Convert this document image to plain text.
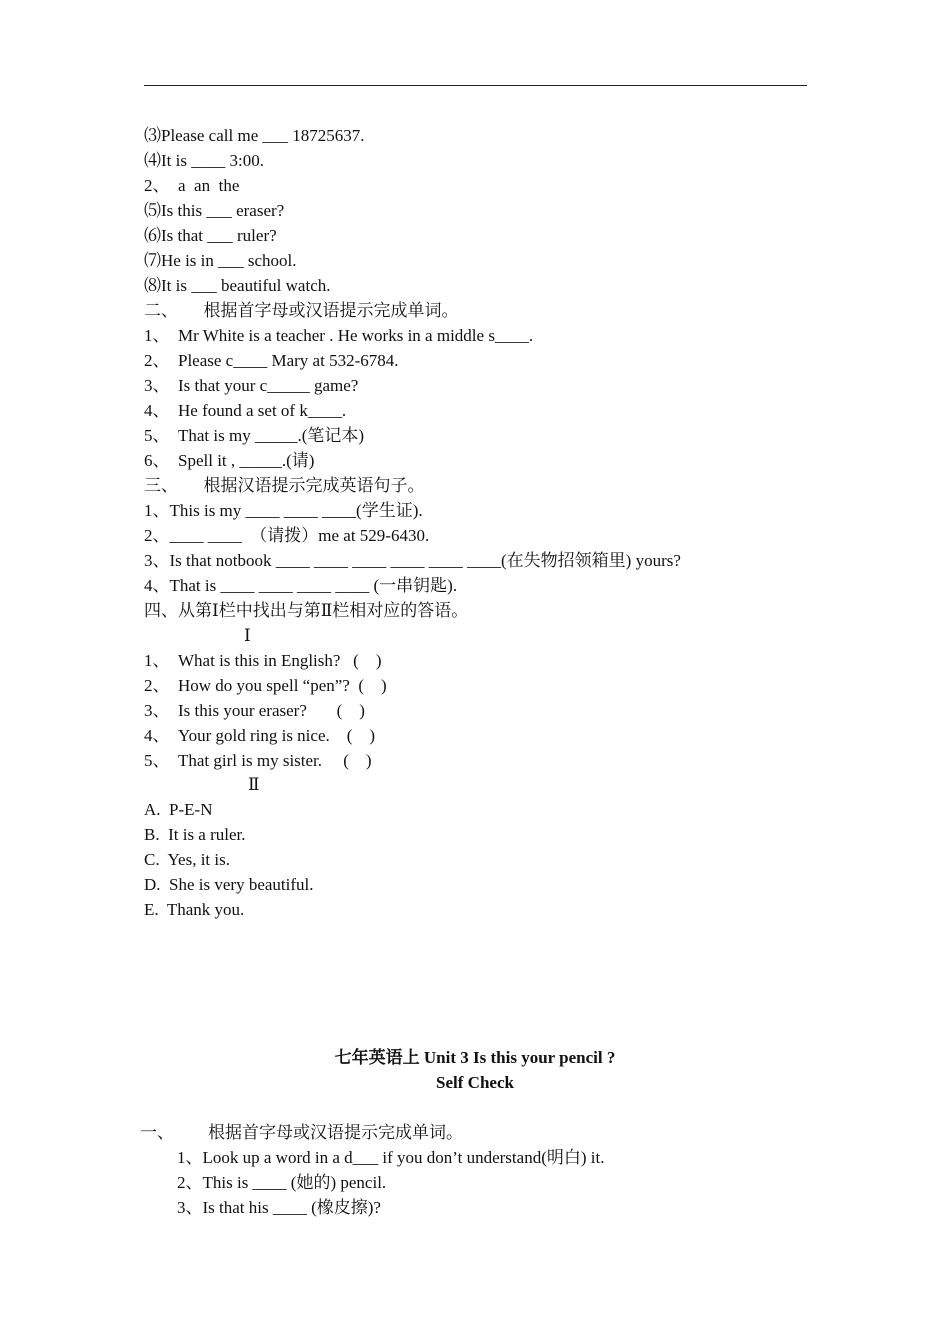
⑶Please call me ___ 18725637.
⑷It is ____ 3:00.
2、  a  an  the
⑸Is this ___ eraser?
⑹Is that ___ ruler?
⑺He is in ___ school.
⑻It is ___ beautiful watch.
二、      根据首字母或汉语提示完成单词。
1、  Mr White is a teacher . He works in a middle s____.
2、  Please c____ Mary at 532-6784.
3、  Is that your c_____ game?
4、  He found a set of k____.
5、  That is my _____.(笔记本)
6、  Spell it , _____.(请)
三、      根据汉语提示完成英语句子。
1、This is my ____ ____ ____(学生证).
2、____ ____  （请拨）me at 529-6430.
3、Is that notbook ____ ____ ____ ____ ____ ____(在失物招领箱里) yours?
4、That is ____ ____ ____ ____ (一串钥匙).
四、从第Ⅰ栏中找出与第Ⅱ栏相对应的答语。
Ⅰ
1、  What is this in English?   (    )
2、  How do you spell “pen”?  (    )
3、  Is this your eraser?       (    )
4、  Your gold ring is nice.    (    )
5、  That girl is my sister.     (    )
Ⅱ
A.  P-E-N
B.  It is a ruler.
C.  Yes, it is.
D.  She is very beautiful.
E.  Thank you.
七年英语上 Unit 3 Is this your pencil ?
Self Check
一、        根据首字母或汉语提示完成单词。
1、Look up a word in a d___ if you don’t understand(明白) it.
2、This is ____ (她的) pencil.
3、Is that his ____ (橡皮擦)?
